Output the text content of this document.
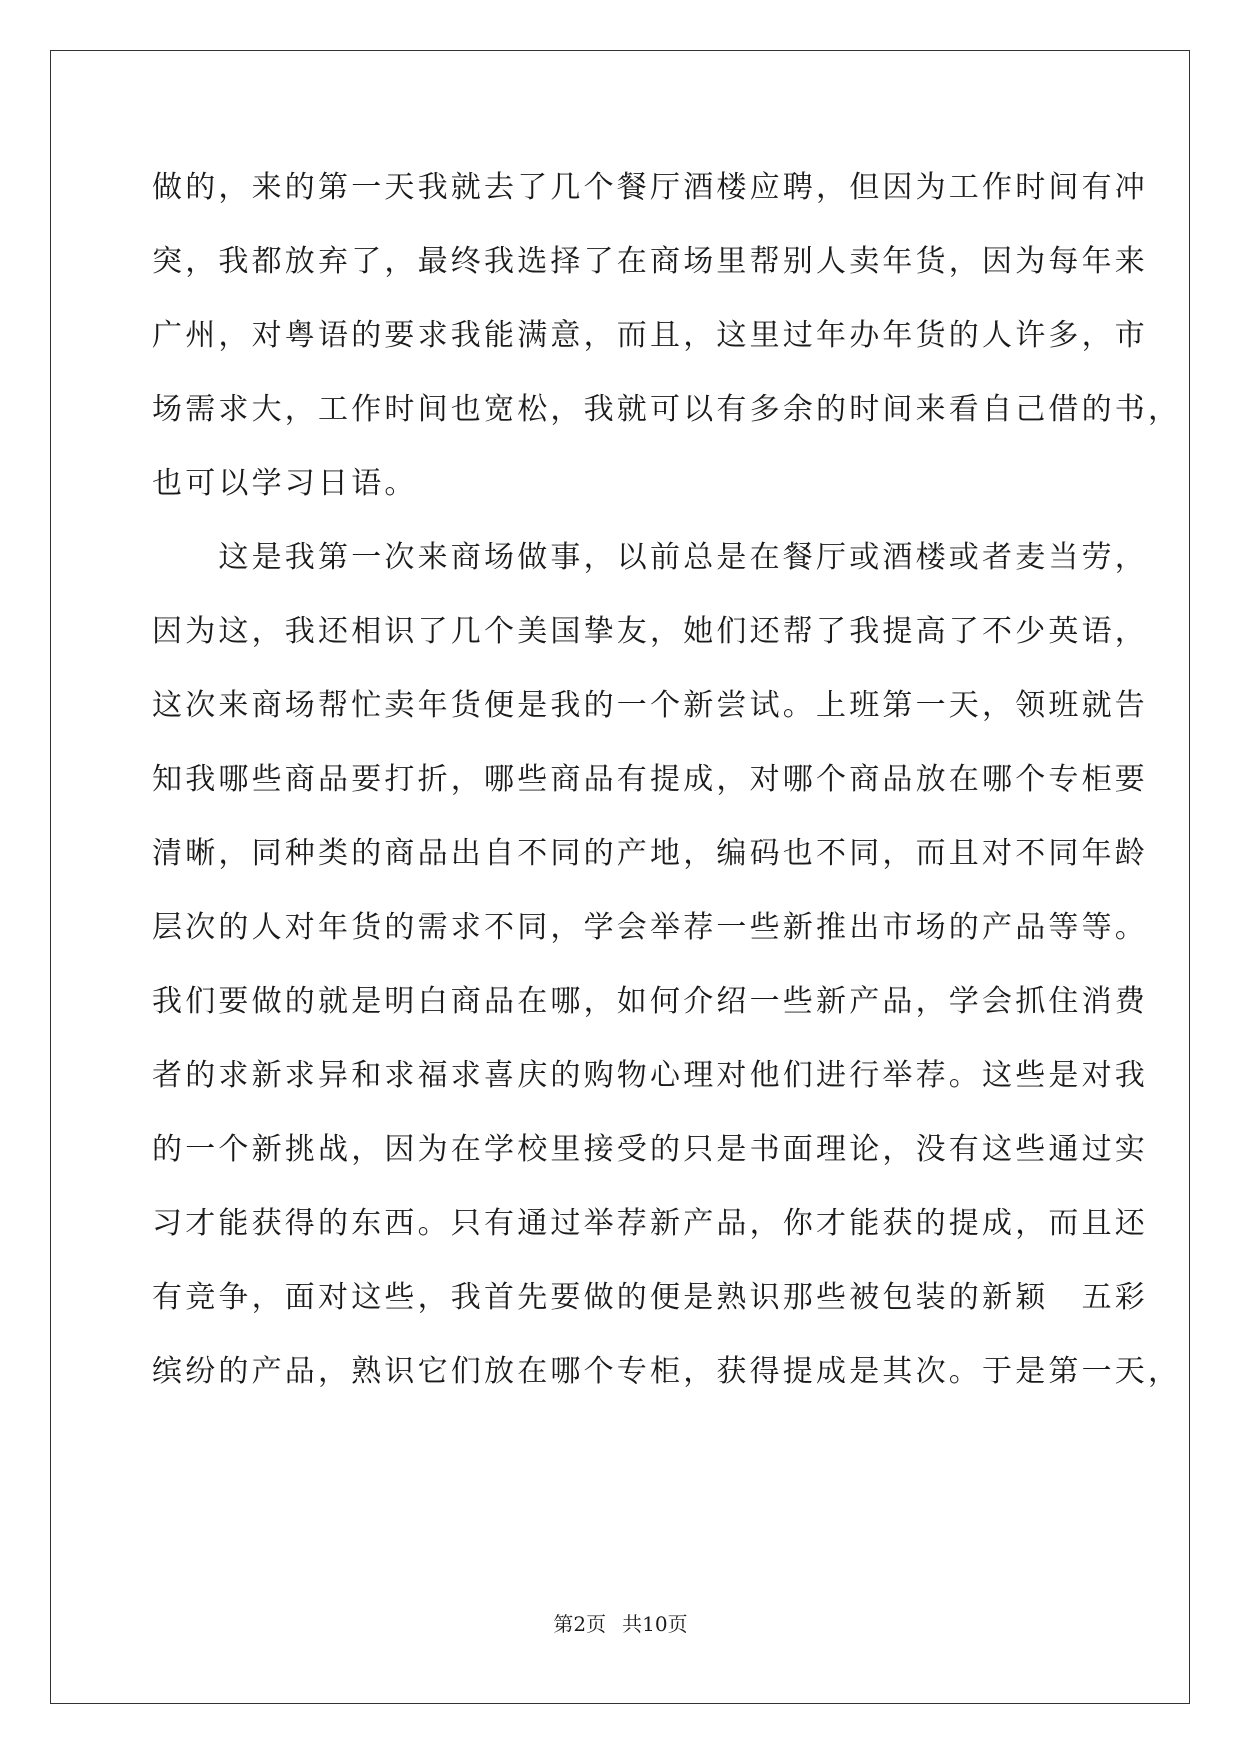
做的，来的第一天我就去了几个餐厅酒楼应聘，但因为工作时间有冲
突，我都放弃了，最终我选择了在商场里帮别人卖年货，因为每年来
广州，对粤语的要求我能满意，而且，这里过年办年货的人许多，市
场需求大，工作时间也宽松，我就可以有多余的时间来看自己借的书，
也可以学习日语。
　　这是我第一次来商场做事，以前总是在餐厅或酒楼或者麦当劳，
因为这，我还相识了几个美国挚友，她们还帮了我提高了不少英语，
这次来商场帮忙卖年货便是我的一个新尝试。上班第一天，领班就告
知我哪些商品要打折，哪些商品有提成，对哪个商品放在哪个专柜要
清晰，同种类的商品出自不同的产地，编码也不同，而且对不同年龄
层次的人对年货的需求不同，学会举荐一些新推出市场的产品等等。
我们要做的就是明白商品在哪，如何介绍一些新产品，学会抓住消费
者的求新求异和求福求喜庆的购物心理对他们进行举荐。这些是对我
的一个新挑战，因为在学校里接受的只是书面理论，没有这些通过实
习才能获得的东西。只有通过举荐新产品，你才能获的提成，而且还
有竞争，面对这些，我首先要做的便是熟识那些被包装的新颖　五彩
缤纷的产品，熟识它们放在哪个专柜，获得提成是其次。于是第一天，
第2页 共10页
